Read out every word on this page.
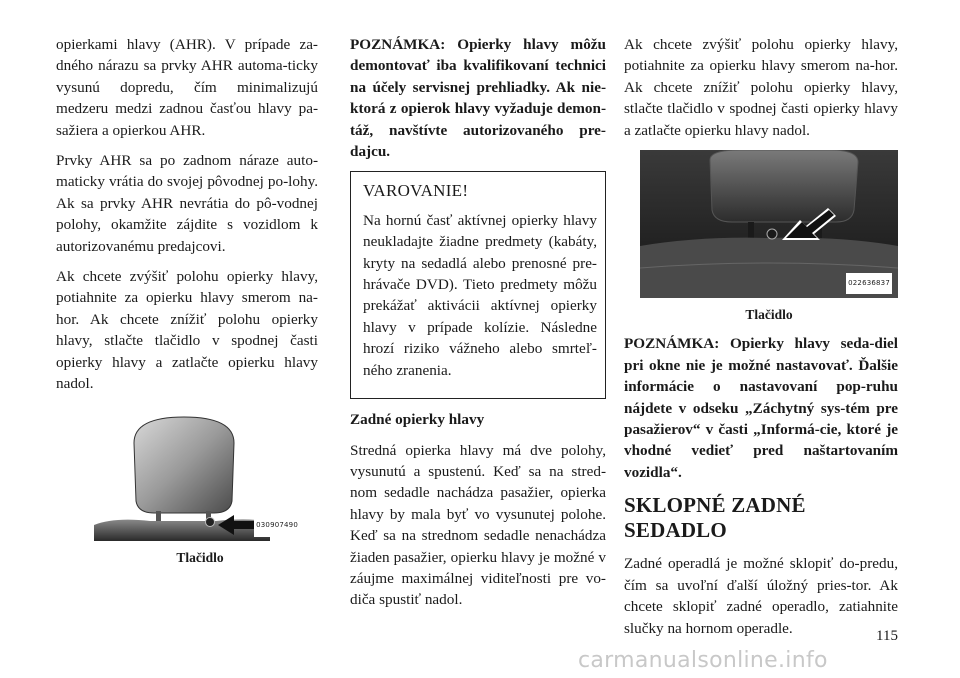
opierkami hlavy (AHR). V prípade za-dného nárazu sa prvky AHR automa-ticky vysunú dopredu, čím minimalizujú medzeru medzi zadnou časťou hlavy pa-sažiera a opierkou AHR.

Prvky AHR sa po zadnom náraze auto-maticky vrátia do svojej pôvodnej po-lohy. Ak sa prvky AHR nevrátia do pô-vodnej polohy, okamžite zájdite s vozidlom k autorizovanému predajcovi.

Ak chcete zvýšiť polohu opierky hlavy, potiahnite za opierku hlavy smerom na-hor. Ak chcete znížiť polohu opierky hlavy, stlačte tlačidlo v spodnej časti opierky hlavy a zatlačte opierku hlavy nadol.

030907490
Tlačidlo

POZNÁMKA: Opierky hlavy môžu demontovať iba kvalifikovaní technici na účely servisnej prehliadky. Ak nie-ktorá z opierok hlavy vyžaduje demon-táž, navštívte autorizovaného pre-dajcu.

VAROVANIE!

Na hornú časť aktívnej opierky hlavy neukladajte žiadne predmety (kabáty, kryty na sedadlá alebo prenosné pre-hrávače DVD). Tieto predmety môžu prekážať aktivácii aktívnej opierky hlavy v prípade kolízie. Následne hrozí riziko vážneho alebo smrteľ-ného zranenia.

Zadné opierky hlavy

Stredná opierka hlavy má dve polohy, vysunutú a spustenú. Keď sa na stred-nom sedadle nachádza pasažier, opierka hlavy by mala byť vo vysunutej polohe. Keď sa na strednom sedadle nenachádza žiaden pasažier, opierku hlavy je možné v záujme maximálnej viditeľnosti pre vo-diča spustiť nadol.

Ak chcete zvýšiť polohu opierky hlavy, potiahnite za opierku hlavy smerom na-hor. Ak chcete znížiť polohu opierky hlavy, stlačte tlačidlo v spodnej časti opierky hlavy a zatlačte opierku hlavy nadol.

022636837
Tlačidlo

POZNÁMKA: Opierky hlavy seda-diel pri okne nie je možné nastavovať. Ďalšie informácie o nastavovaní pop-ruhu nájdete v odseku „Záchytný sys-tém pre pasažierov“ v časti „Informá-cie, ktoré je vhodné vedieť pred naštartovaním vozidla“.

SKLOPNÉ ZADNÉ SEDADLO

Zadné operadlá je možné sklopiť do-predu, čím sa uvoľní ďalší úložný pries-tor. Ak chcete sklopiť zadné operadlo, zatiahnite slučky na hornom operadle.	115
carmanualsonline.info
